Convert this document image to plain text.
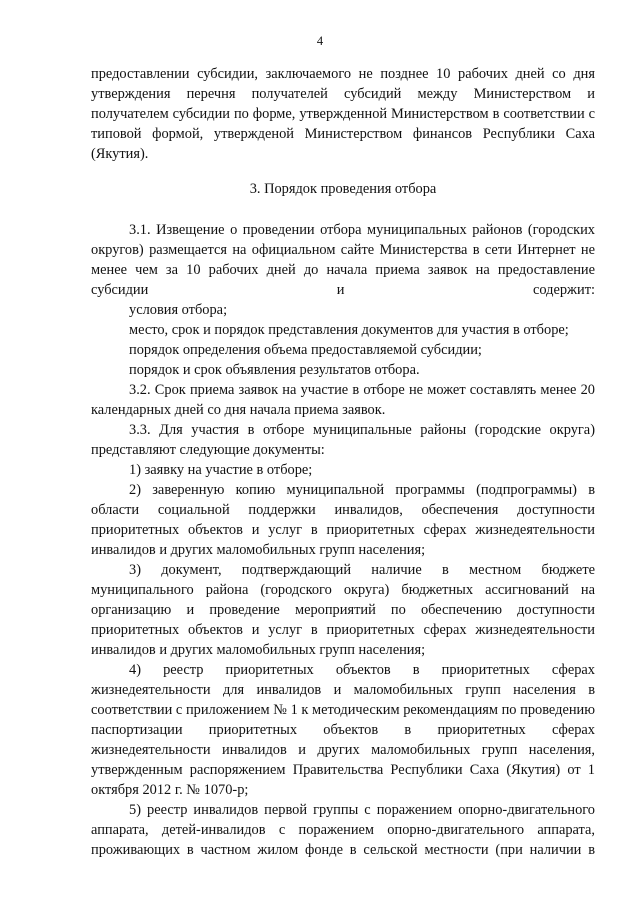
4

предоставлении субсидии, заключаемого не позднее 10 рабочих дней со дня утверждения перечня получателей субсидий между Министерством и получателем субсидии по форме, утвержденной Министерством в соответствии с типовой формой, утвержденой Министерством финансов Республики Саха (Якутия).

3. Порядок проведения отбора

3.1. Извещение о проведении отбора муниципальных районов (городских округов) размещается на официальном сайте Министерства в сети Интернет не менее чем за 10 рабочих дней до начала приема заявок на предоставление субсидии и содержит:

условия отбора;

место, срок и порядок представления документов для участия в отборе;

порядок определения объема предоставляемой субсидии;

порядок и срок объявления результатов отбора.

3.2. Срок приема заявок на участие в отборе не может составлять менее 20 календарных дней со дня начала приема заявок.

3.3. Для участия в отборе муниципальные районы (городские округа) представляют следующие документы:

1) заявку на участие в отборе;

2) заверенную копию муниципальной программы (подпрограммы) в области социальной поддержки инвалидов, обеспечения доступности приоритетных объектов и услуг в приоритетных сферах жизнедеятельности инвалидов и других маломобильных групп населения;

3) документ, подтверждающий наличие в местном бюджете муниципального района (городского округа) бюджетных ассигнований на организацию и проведение мероприятий по обеспечению доступности приоритетных объектов и услуг в приоритетных сферах жизнедеятельности инвалидов и других маломобильных групп населения;

4) реестр приоритетных объектов в приоритетных сферах жизнедеятельности для инвалидов и маломобильных групп населения в соответствии с приложением № 1 к методическим рекомендациям по проведению паспортизации приоритетных объектов в приоритетных сферах жизнедеятельности инвалидов и других маломобильных групп населения, утвержденным распоряжением Правительства Республики Саха (Якутия) от 1 октября 2012 г. № 1070-р;

5) реестр инвалидов первой группы с поражением опорно-двигательного аппарата, детей-инвалидов с поражением опорно-двигательного аппарата, проживающих в частном жилом фонде в сельской местности (при наличии в
